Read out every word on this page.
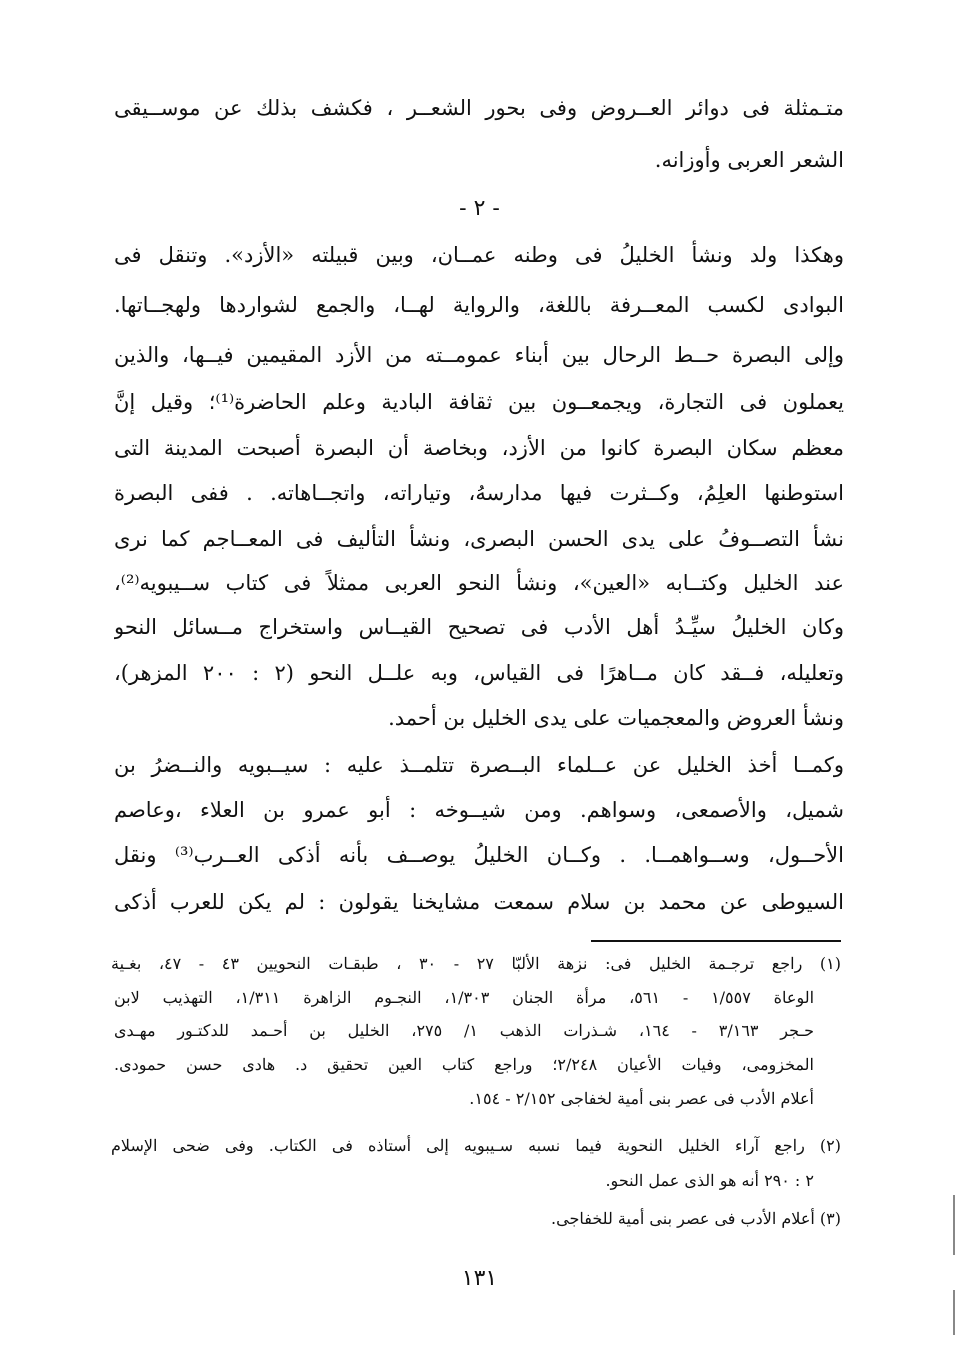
متـمثلة فى دوائر العــروض وفى بحور الشعــر ، فكشف بذلك عن موســيقى
الشعر العربى وأوزانه.
- ٢ -
وهكذا ولد ونشأ الخليلُ فى وطنه عمــان، وبين قبيلته «الأزد». وتنقل فى
البوادى لكسب المعــرفة باللغة، والرواية لهــا، والجمع لشواردها ولهجــاتها.
وإلى البصرة حــط الرحال بين أبناء عمومــته من الأزد المقيمين فيــها، والذين
يعملون فى التجارة، ويجمعــون بين ثقافة البادية وعلم الحاضرة⁽¹⁾؛ وقيل إنَّ
معظم سكان البصرة كانوا من الأزد، وبخاصة أن البصرة أصبحت المدينة التى
استوطنها العلِمُ، وكــثرت فيها مدارسهُ، وتياراته، واتجــاهاته. . ففى البصرة
نشأ التصــوفُ على يدى الحسن البصرى، ونشأ التأليف فى المعــاجم كما نرى
عند الخليل وكتــابه «العين»، ونشأ النحو العربى ممثلاً فى كتاب ســيبويه⁽²⁾،
وكان الخليلُ سيِّـدُ أهل الأدب فى تصحيح القيــاس واستخراج مــسائل النحو
وتعليله، فــقد كان مــاهرًا فى القياس، وبه علــل النحو (٢ : ٢٠٠ المزهر)،
ونشأ العروض والمعجميات على يدى الخليل بن أحمد.
وكمــا أخذ الخليل عن عــلماء البــصرة تتلمــذ عليه : سيــبويه والنــضرُ بن
شميل، والأصمعى، وسواهم. ومن شيــوخه : أبو عمرو بن العلاء ،وعاصم
الأحــول، وســواهمــا. . وكــان الخليلُ يوصــف بأنه أذكى العــرب⁽³⁾ ونقل
السيوطى عن محمد بن سلام سمعت مشايخنا يقولون : لم يكن للعرب أذكى
(١) راجع ترجـمة الخليل فى: نزهة الألبّا ٢٧ - ٣٠ ، طبقـات النحويين ٤٣ - ٤٧، بغـية
الوعاة ١/٥٥٧ - ٥٦١، مرأة الجنان ١/٣٠٣، النجـوم الزاهرة ١/٣١١، التهذيب لابن
حـجر ٣/١٦٣ - ١٦٤، شـذرات الذهب ١/ ٢٧٥، الخليل بن أحـمد للدكتـور مهـدى
المخزومى، وفيات الأعيان ٢/٢٤٨؛ وراجع كتاب العين تحقيق د. هادى حسن حمودى.
أعلام الأدب فى عصر بنى أمية لخفاجى ٢/١٥٢ - ١٥٤.
(٢) راجع آراء الخليل النحوية فيما نسبه سـيبويه إلى أستاذه فى الكتاب. وفى ضحى الإسلام
٢ : ٢٩٠ أنه هو الذى عمل النحو.
(٣) أعلام الأدب فى عصر بنى أمية للخفاجى.
١٣١
